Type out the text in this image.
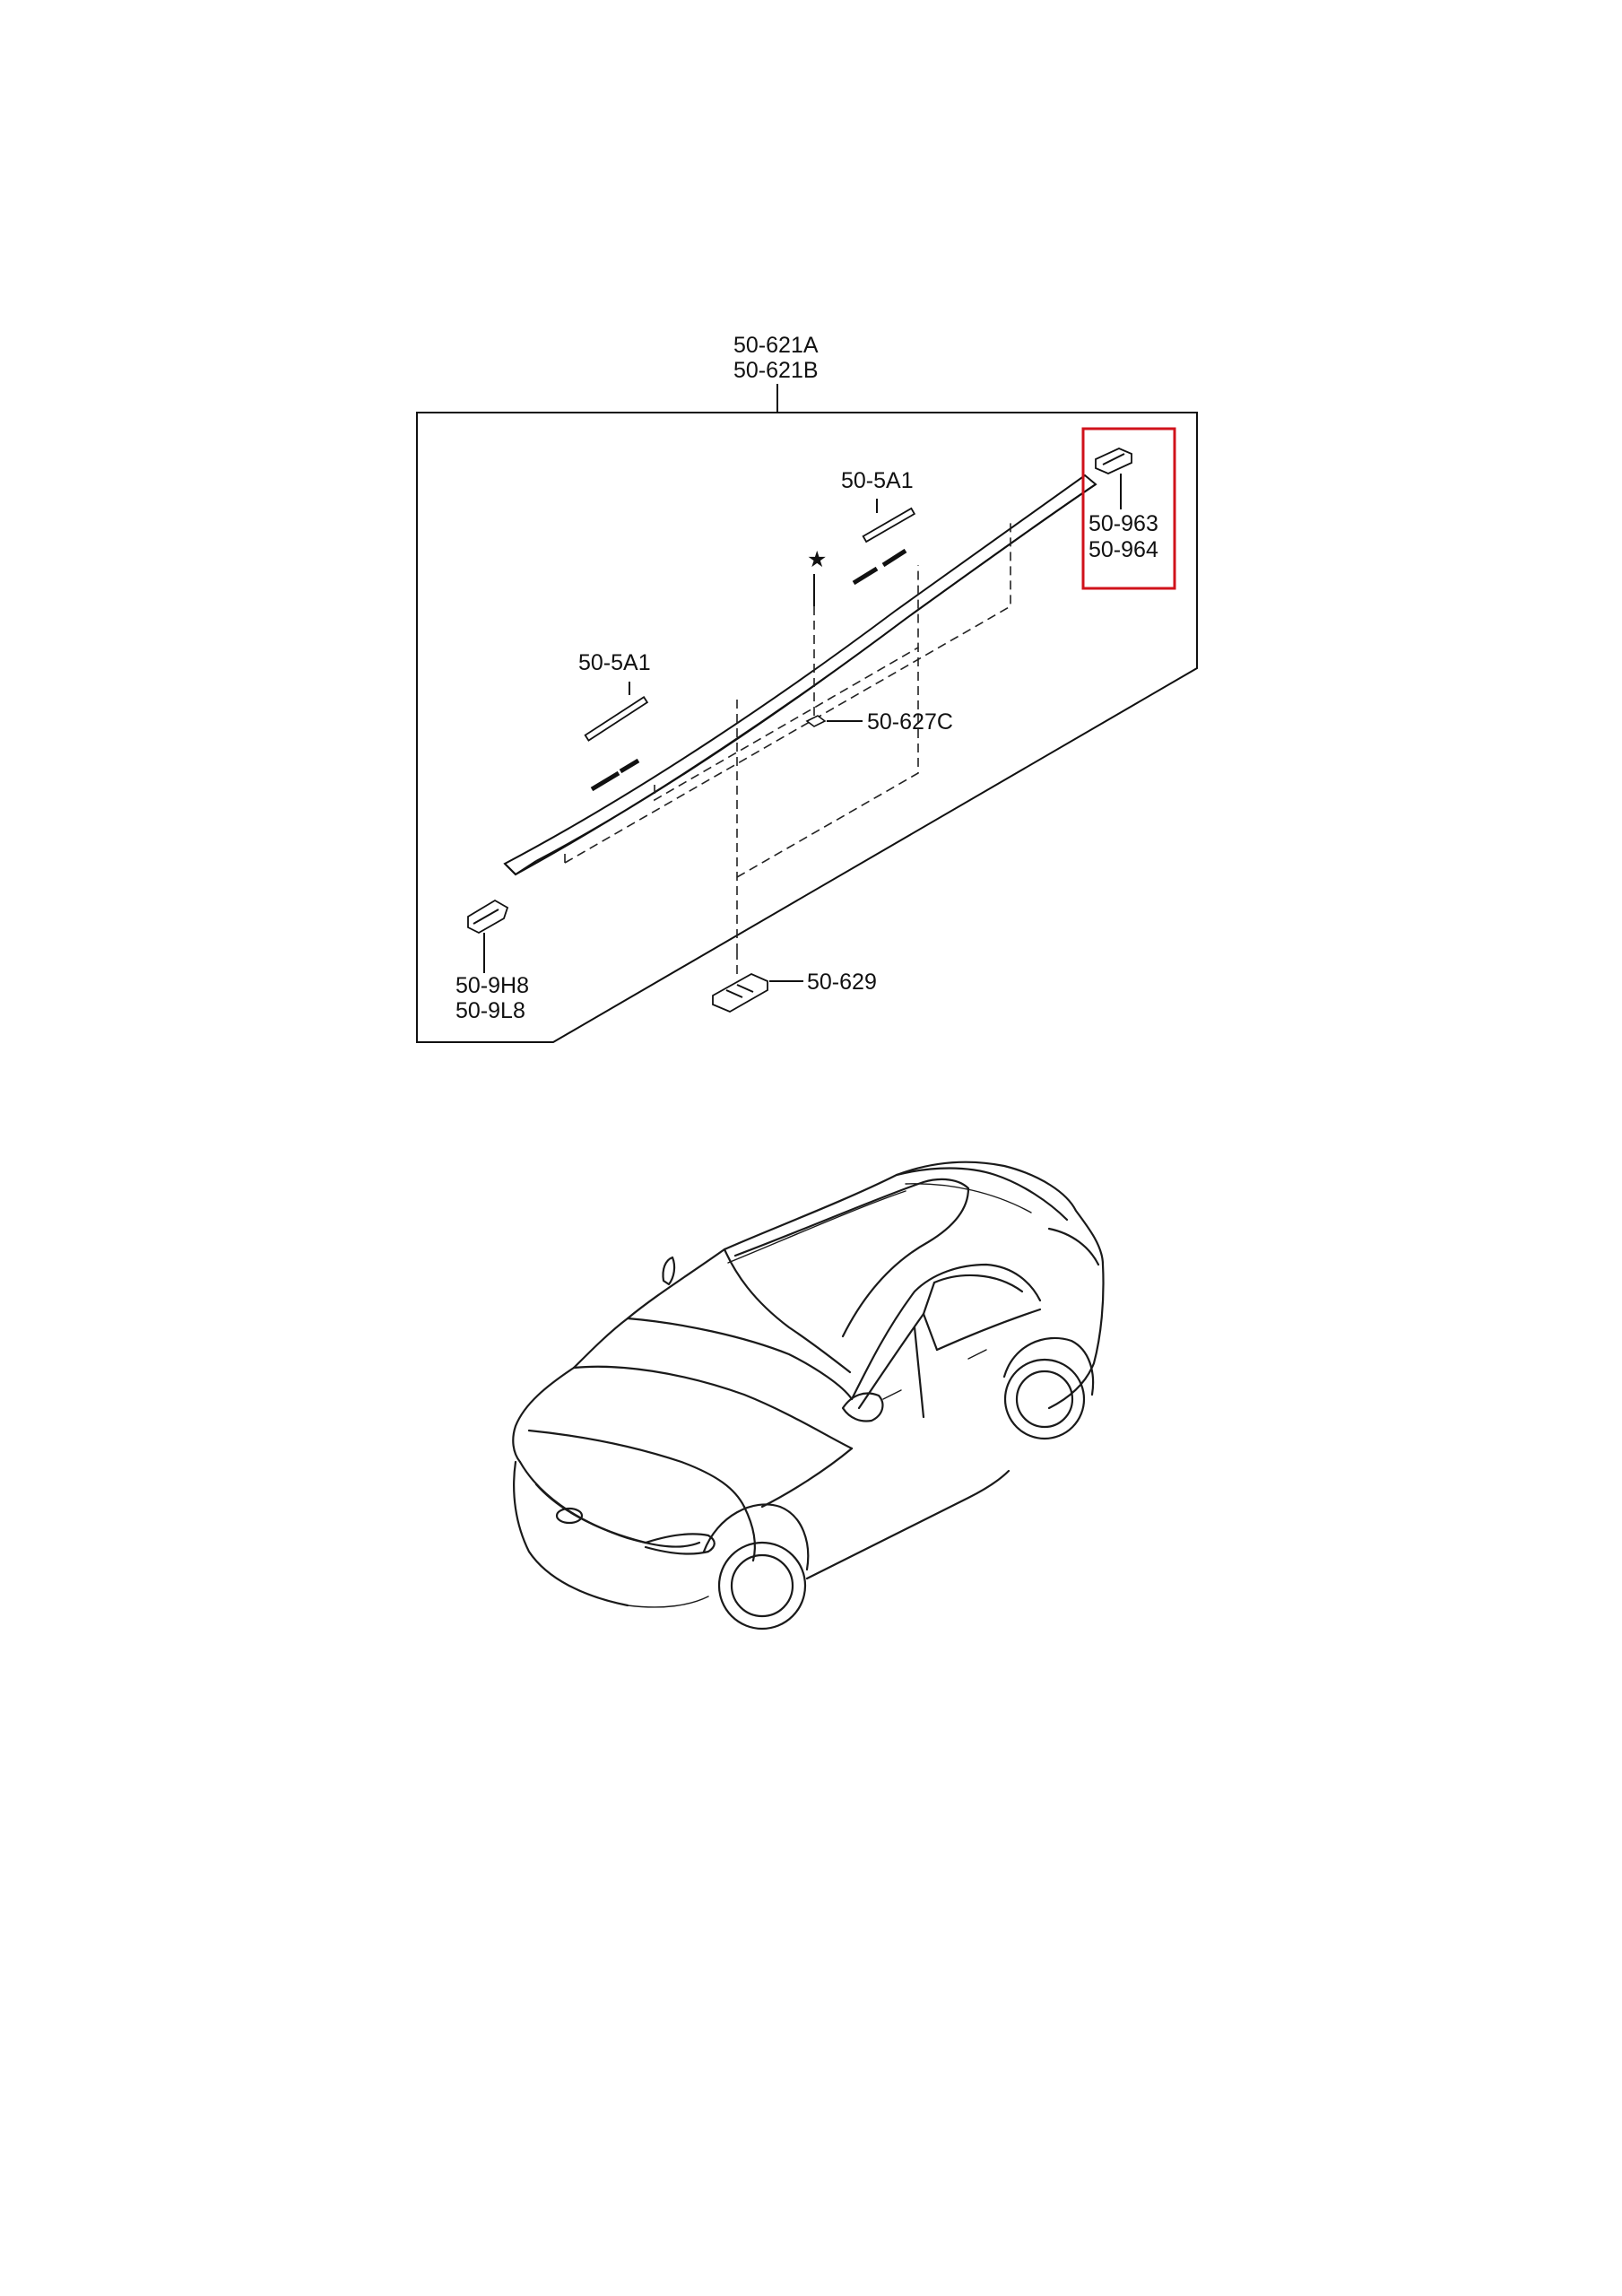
★
50-621A
50-621B
50-5A1
50-5A1
50-627C
50-963
50-964
50-9H8
50-9L8
50-629
